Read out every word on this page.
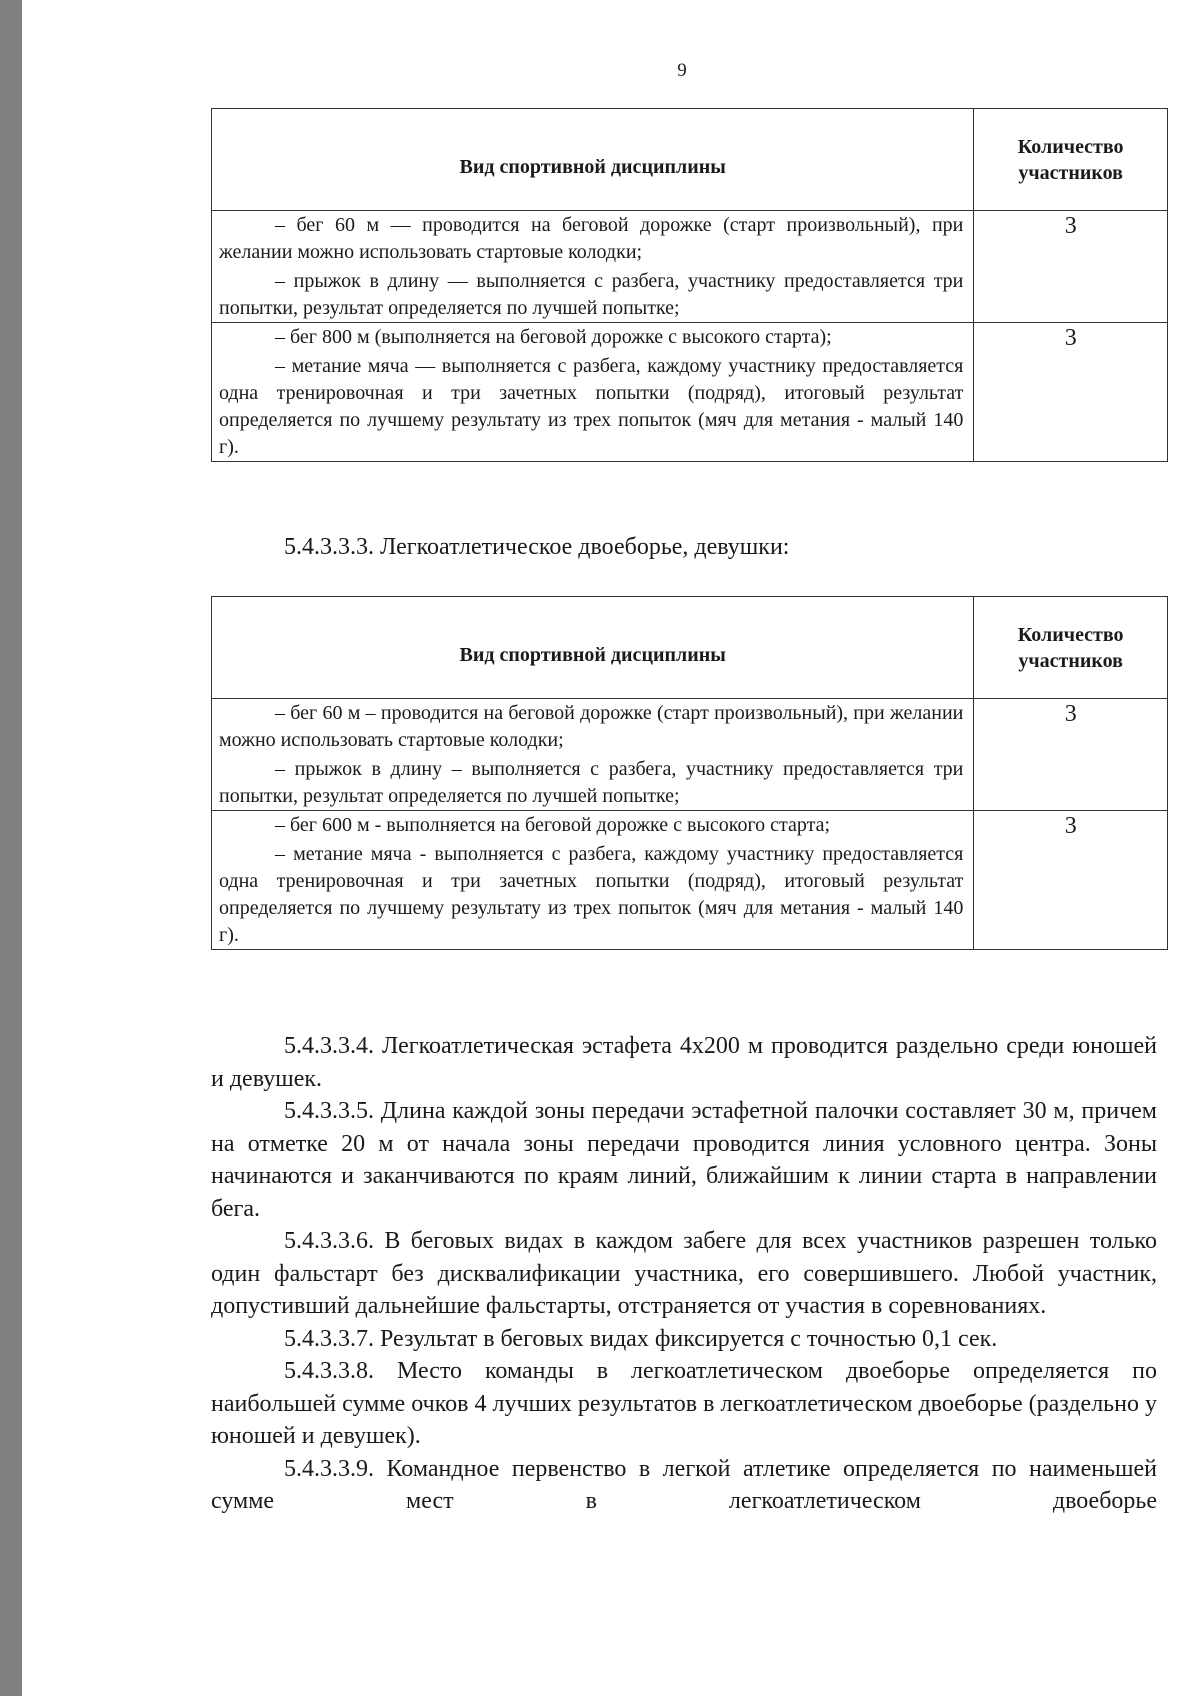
9
Вид спортивной дисциплины	Количество участников

– бег 60 м — проводится на беговой дорожке (старт произвольный), при желании можно использовать стартовые колодки;

– прыжок в длину — выполняется с разбега, участнику предоставляется три попытки, результат определяется по лучшей попытке;	3

– бег 800 м (выполняется на беговой дорожке с высокого старта);

– метание мяча — выполняется с разбега, каждому участнику предоставляется одна тренировочная и три зачетных попытки (подряд), итоговый результат определяется по лучшему результату из трех попыток (мяч для метания - малый 140 г).	3

5.4.3.3.3. Легкоатлетическое двоеборье, девушки:

Вид спортивной дисциплины	Количество участников

– бег 60 м – проводится на беговой дорожке (старт произвольный), при желании можно использовать стартовые колодки;

– прыжок в длину – выполняется с разбега, участнику предоставляется три попытки, результат определяется по лучшей попытке;	3

– бег 600 м - выполняется на беговой дорожке с высокого старта;

– метание мяча - выполняется с разбега, каждому участнику предоставляется одна тренировочная и три зачетных попытки (подряд), итоговый результат определяется по лучшему результату из трех попыток (мяч для метания - малый 140 г).	3

5.4.3.3.4. Легкоатлетическая эстафета 4х200 м проводится раздельно среди юношей и девушек.

5.4.3.3.5. Длина каждой зоны передачи эстафетной палочки составляет 30 м, причем на отметке 20 м от начала зоны передачи проводится линия условного центра. Зоны начинаются и заканчиваются по краям линий, ближайшим к линии старта в направлении бега.

5.4.3.3.6. В беговых видах в каждом забеге для всех участников разрешен только один фальстарт без дисквалификации участника, его совершившего. Любой участник, допустивший дальнейшие фальстарты, отстраняется от участия в соревнованиях.

5.4.3.3.7. Результат в беговых видах фиксируется с точностью 0,1 сек.

5.4.3.3.8. Место команды в легкоатлетическом двоеборье определяется по наибольшей сумме очков 4 лучших результатов в легкоатлетическом двоеборье (раздельно у юношей и девушек).

5.4.3.3.9. Командное первенство в легкой атлетике определяется по наименьшей сумме мест в легкоатлетическом двоеборье
